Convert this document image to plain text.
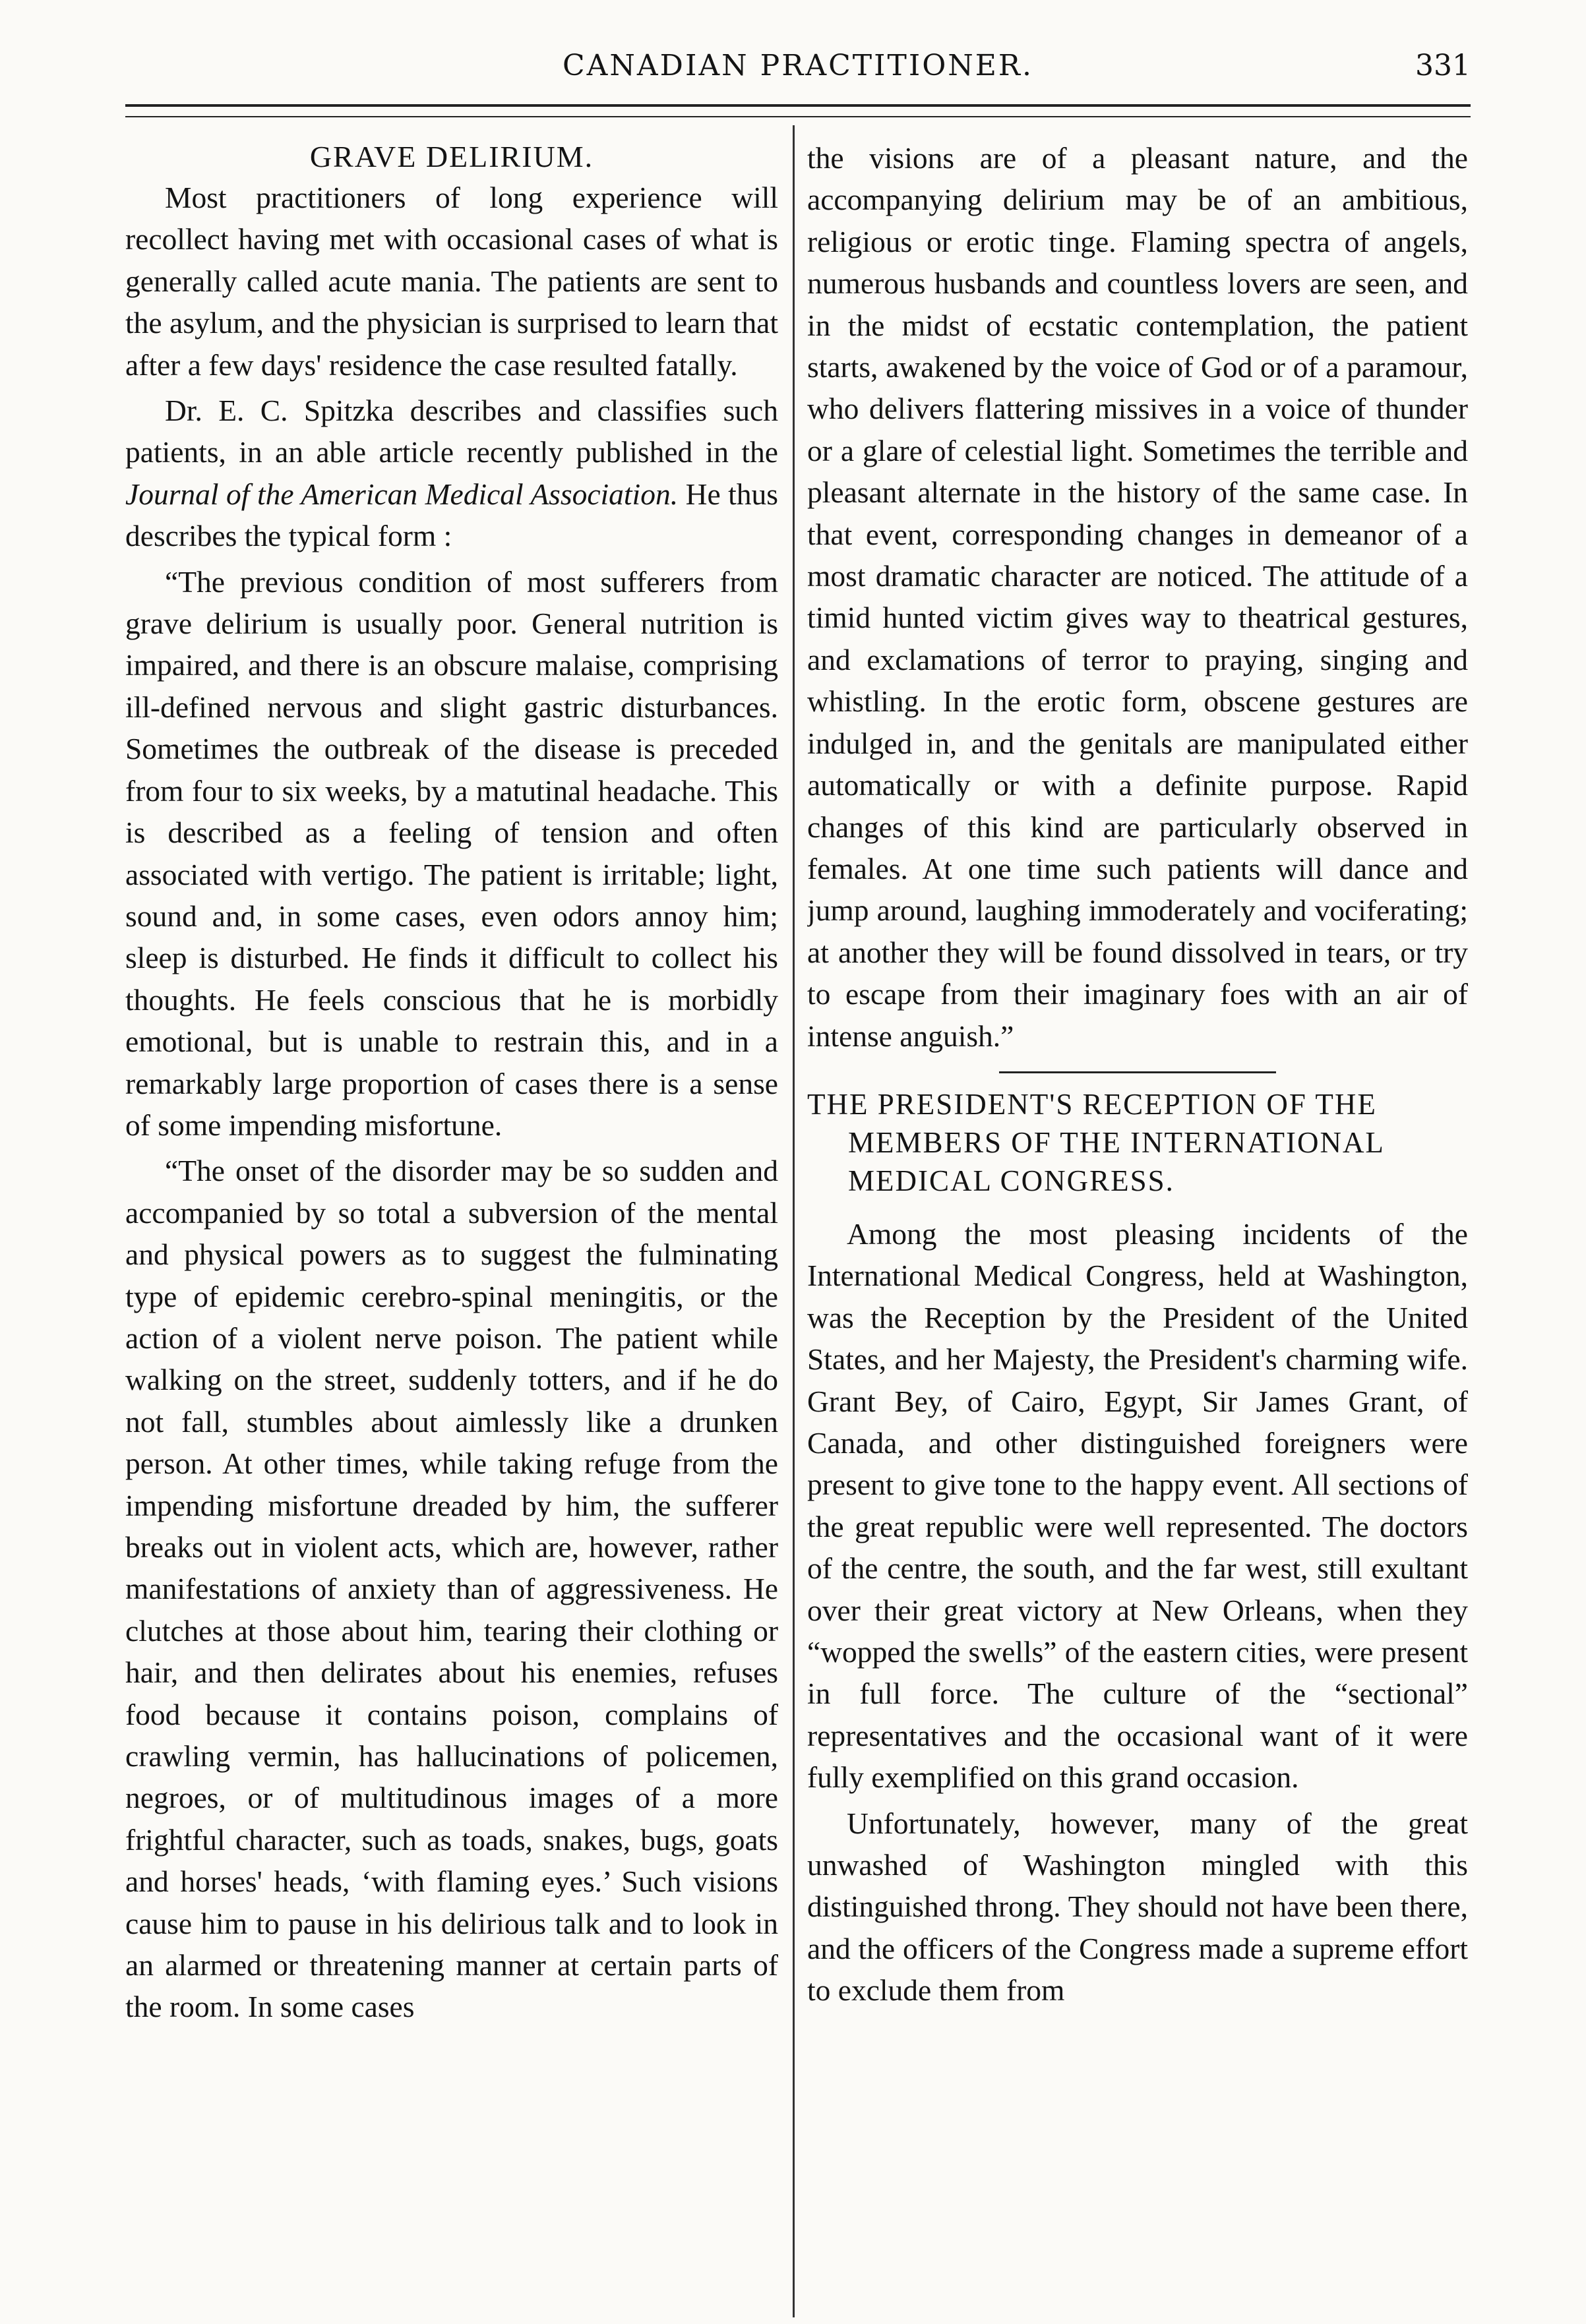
CANADIAN PRACTITIONER.	331
GRAVE DELIRIUM.

Most practitioners of long experience will recollect having met with occasional cases of what is generally called acute mania. The patients are sent to the asylum, and the physician is surprised to learn that after a few days' residence the case resulted fatally.

Dr. E. C. Spitzka describes and classifies such patients, in an able article recently published in the Journal of the American Medical Association. He thus describes the typical form :

“The previous condition of most sufferers from grave delirium is usually poor. General nutrition is impaired, and there is an obscure malaise, comprising ill-defined nervous and slight gastric disturbances. Sometimes the outbreak of the disease is preceded from four to six weeks, by a matutinal headache. This is described as a feeling of tension and often associated with vertigo. The patient is irritable; light, sound and, in some cases, even odors annoy him; sleep is disturbed. He finds it difficult to collect his thoughts. He feels conscious that he is morbidly emotional, but is unable to restrain this, and in a remarkably large proportion of cases there is a sense of some impending misfortune.

“The onset of the disorder may be so sudden and accompanied by so total a subversion of the mental and physical powers as to suggest the fulminating type of epidemic cerebro-spinal meningitis, or the action of a violent nerve poison. The patient while walking on the street, suddenly totters, and if he do not fall, stumbles about aimlessly like a drunken person. At other times, while taking refuge from the impending misfortune dreaded by him, the sufferer breaks out in violent acts, which are, however, rather manifestations of anxiety than of aggressiveness. He clutches at those about him, tearing their clothing or hair, and then delirates about his enemies, refuses food because it contains poison, complains of crawling vermin, has hallucinations of policemen, negroes, or of multitudinous images of a more frightful character, such as toads, snakes, bugs, goats and horses' heads, ‘with flaming eyes.’ Such visions cause him to pause in his delirious talk and to look in an alarmed or threatening manner at certain parts of the room. In some cases

the visions are of a pleasant nature, and the accompanying delirium may be of an ambitious, religious or erotic tinge. Flaming spectra of angels, numerous husbands and countless lovers are seen, and in the midst of ecstatic contemplation, the patient starts, awakened by the voice of God or of a paramour, who delivers flattering missives in a voice of thunder or a glare of celestial light. Sometimes the terrible and pleasant alternate in the history of the same case. In that event, corresponding changes in demeanor of a most dramatic character are noticed. The attitude of a timid hunted victim gives way to theatrical gestures, and exclamations of terror to praying, singing and whistling. In the erotic form, obscene gestures are indulged in, and the genitals are manipulated either automatically or with a definite purpose. Rapid changes of this kind are particularly observed in females. At one time such patients will dance and jump around, laughing immoderately and vociferating; at another they will be found dissolved in tears, or try to escape from their imaginary foes with an air of intense anguish.”

THE PRESIDENT'S RECEPTION OF THE MEMBERS OF THE INTERNATIONAL MEDICAL CONGRESS.

Among the most pleasing incidents of the International Medical Congress, held at Washington, was the Reception by the President of the United States, and her Majesty, the President's charming wife. Grant Bey, of Cairo, Egypt, Sir James Grant, of Canada, and other distinguished foreigners were present to give tone to the happy event. All sections of the great republic were well represented. The doctors of the centre, the south, and the far west, still exultant over their great victory at New Orleans, when they “wopped the swells” of the eastern cities, were present in full force. The culture of the “sectional” representatives and the occasional want of it were fully exemplified on this grand occasion.

Unfortunately, however, many of the great unwashed of Washington mingled with this distinguished throng. They should not have been there, and the officers of the Congress made a supreme effort to exclude them from
